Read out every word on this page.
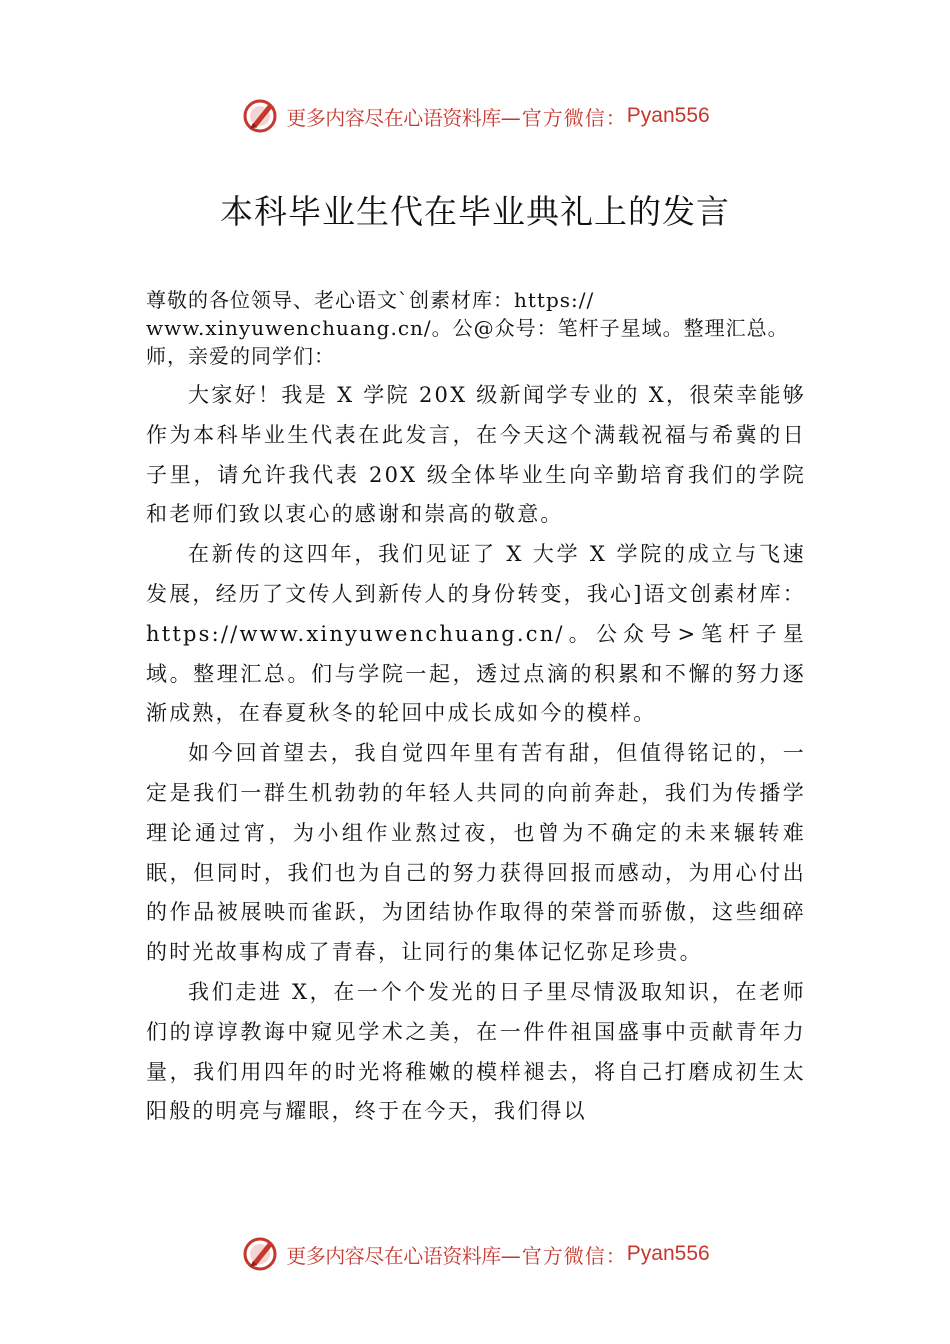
更多内容尽在心语资料库 —官方微信： Pyan556
本科毕业生代在毕业典礼上的发言
尊敬的各位领导、老心语文`创素材库：https://
www.xinyuwenchuang.cn/。公@众号：笔杆子星域。整理汇总。
师，亲爱的同学们：

大家好！我是 X 学院 20X 级新闻学专业的 X，很荣幸能够作为本科毕业生代表在此发言，在今天这个满载祝福与希冀的日子里，请允许我代表 20X 级全体毕业生向辛勤培育我们的学院和老师们致以衷心的感谢和崇高的敬意。

在新传的这四年，我们见证了 X 大学 X 学院的成立与飞速发展，经历了文传人到新传人的身份转变，我心]语文创素材库：https://www.xinyuwenchuang.cn/。公众号>笔杆子星域。整理汇总。们与学院一起，透过点滴的积累和不懈的努力逐渐成熟，在春夏秋冬的轮回中成长成如今的模样。

如今回首望去，我自觉四年里有苦有甜，但值得铭记的，一定是我们一群生机勃勃的年轻人共同的向前奔赴，我们为传播学理论通过宵，为小组作业熬过夜，也曾为不确定的未来辗转难眠，但同时，我们也为自己的努力获得回报而感动，为用心付出的作品被展映而雀跃，为团结协作取得的荣誉而骄傲，这些细碎的时光故事构成了青春，让同行的集体记忆弥足珍贵。

我们走进 X，在一个个发光的日子里尽情汲取知识，在老师们的谆谆教诲中窥见学术之美，在一件件祖国盛事中贡献青年力量，我们用四年的时光将稚嫩的模样褪去，将自己打磨成初生太阳般的明亮与耀眼，终于在今天，我们得以

更多内容尽在心语资料库 —官方微信： Pyan556
